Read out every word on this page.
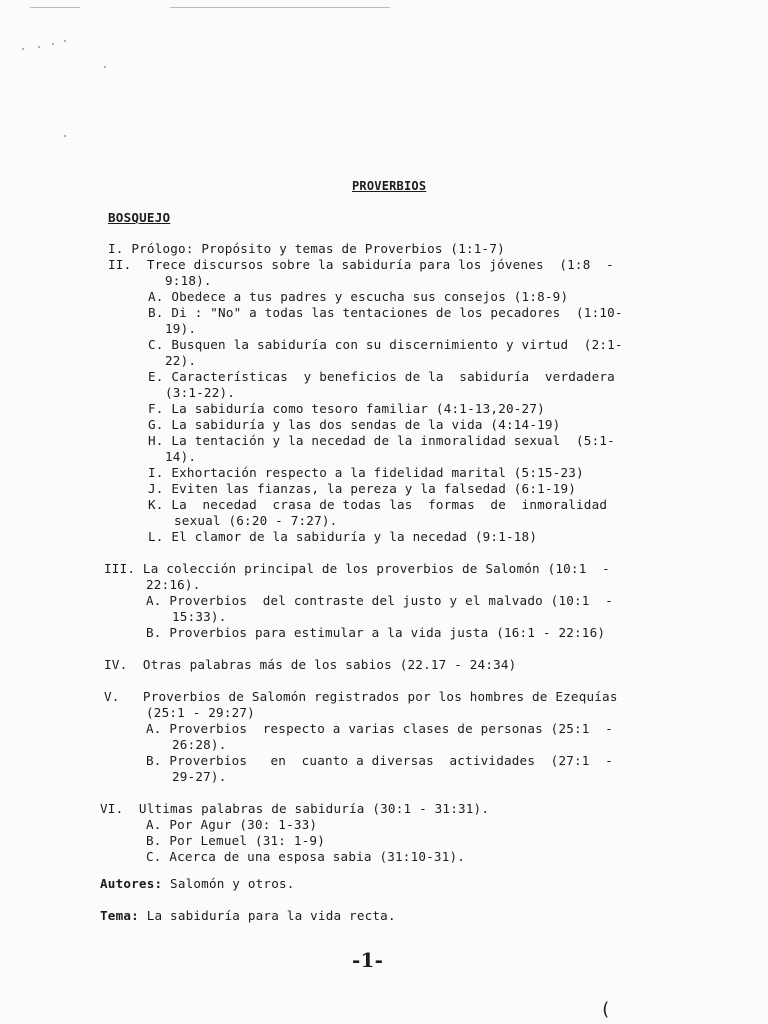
PROVERBIOS
BOSQUEJO
I. Prólogo: Propósito y temas de Proverbios (1:1-7)
II.  Trece discursos sobre la sabiduría para los jóvenes  (1:8  -
9:18).
A. Obedece a tus padres y escucha sus consejos (1:8-9)
B. Di : "No" a todas las tentaciones de los pecadores  (1:10-
19).
C. Busquen la sabiduría con su discernimiento y virtud  (2:1-
22).
E. Características  y beneficios de la  sabiduría  verdadera
(3:1-22).
F. La sabiduría como tesoro familiar (4:1-13,20-27)
G. La sabiduría y las dos sendas de la vida (4:14-19)
H. La tentación y la necedad de la inmoralidad sexual  (5:1-
14).
I. Exhortación respecto a la fidelidad marital (5:15-23)
J. Eviten las fianzas, la pereza y la falsedad (6:1-19)
K. La  necedad  crasa de todas las  formas  de  inmoralidad
sexual (6:20 - 7:27).
L. El clamor de la sabiduría y la necedad (9:1-18)
III. La colección principal de los proverbios de Salomón (10:1  -
22:16).
A. Proverbios  del contraste del justo y el malvado (10:1  -
15:33).
B. Proverbios para estimular a la vida justa (16:1 - 22:16)
IV.  Otras palabras más de los sabios (22.17 - 24:34)
V.   Proverbios de Salomón registrados por los hombres de Ezequías
(25:1 - 29:27)
A. Proverbios  respecto a varias clases de personas (25:1  -
26:28).
B. Proverbios   en  cuanto a diversas  actividades  (27:1  -
29-27).
VI.  Ultimas palabras de sabiduría (30:1 - 31:31).
A. Por Agur (30: 1-33)
B. Por Lemuel (31: 1-9)
C. Acerca de una esposa sabia (31:10-31).
Autores: Salomón y otros.
Tema: La sabiduría para la vida recta.
-1-
(
